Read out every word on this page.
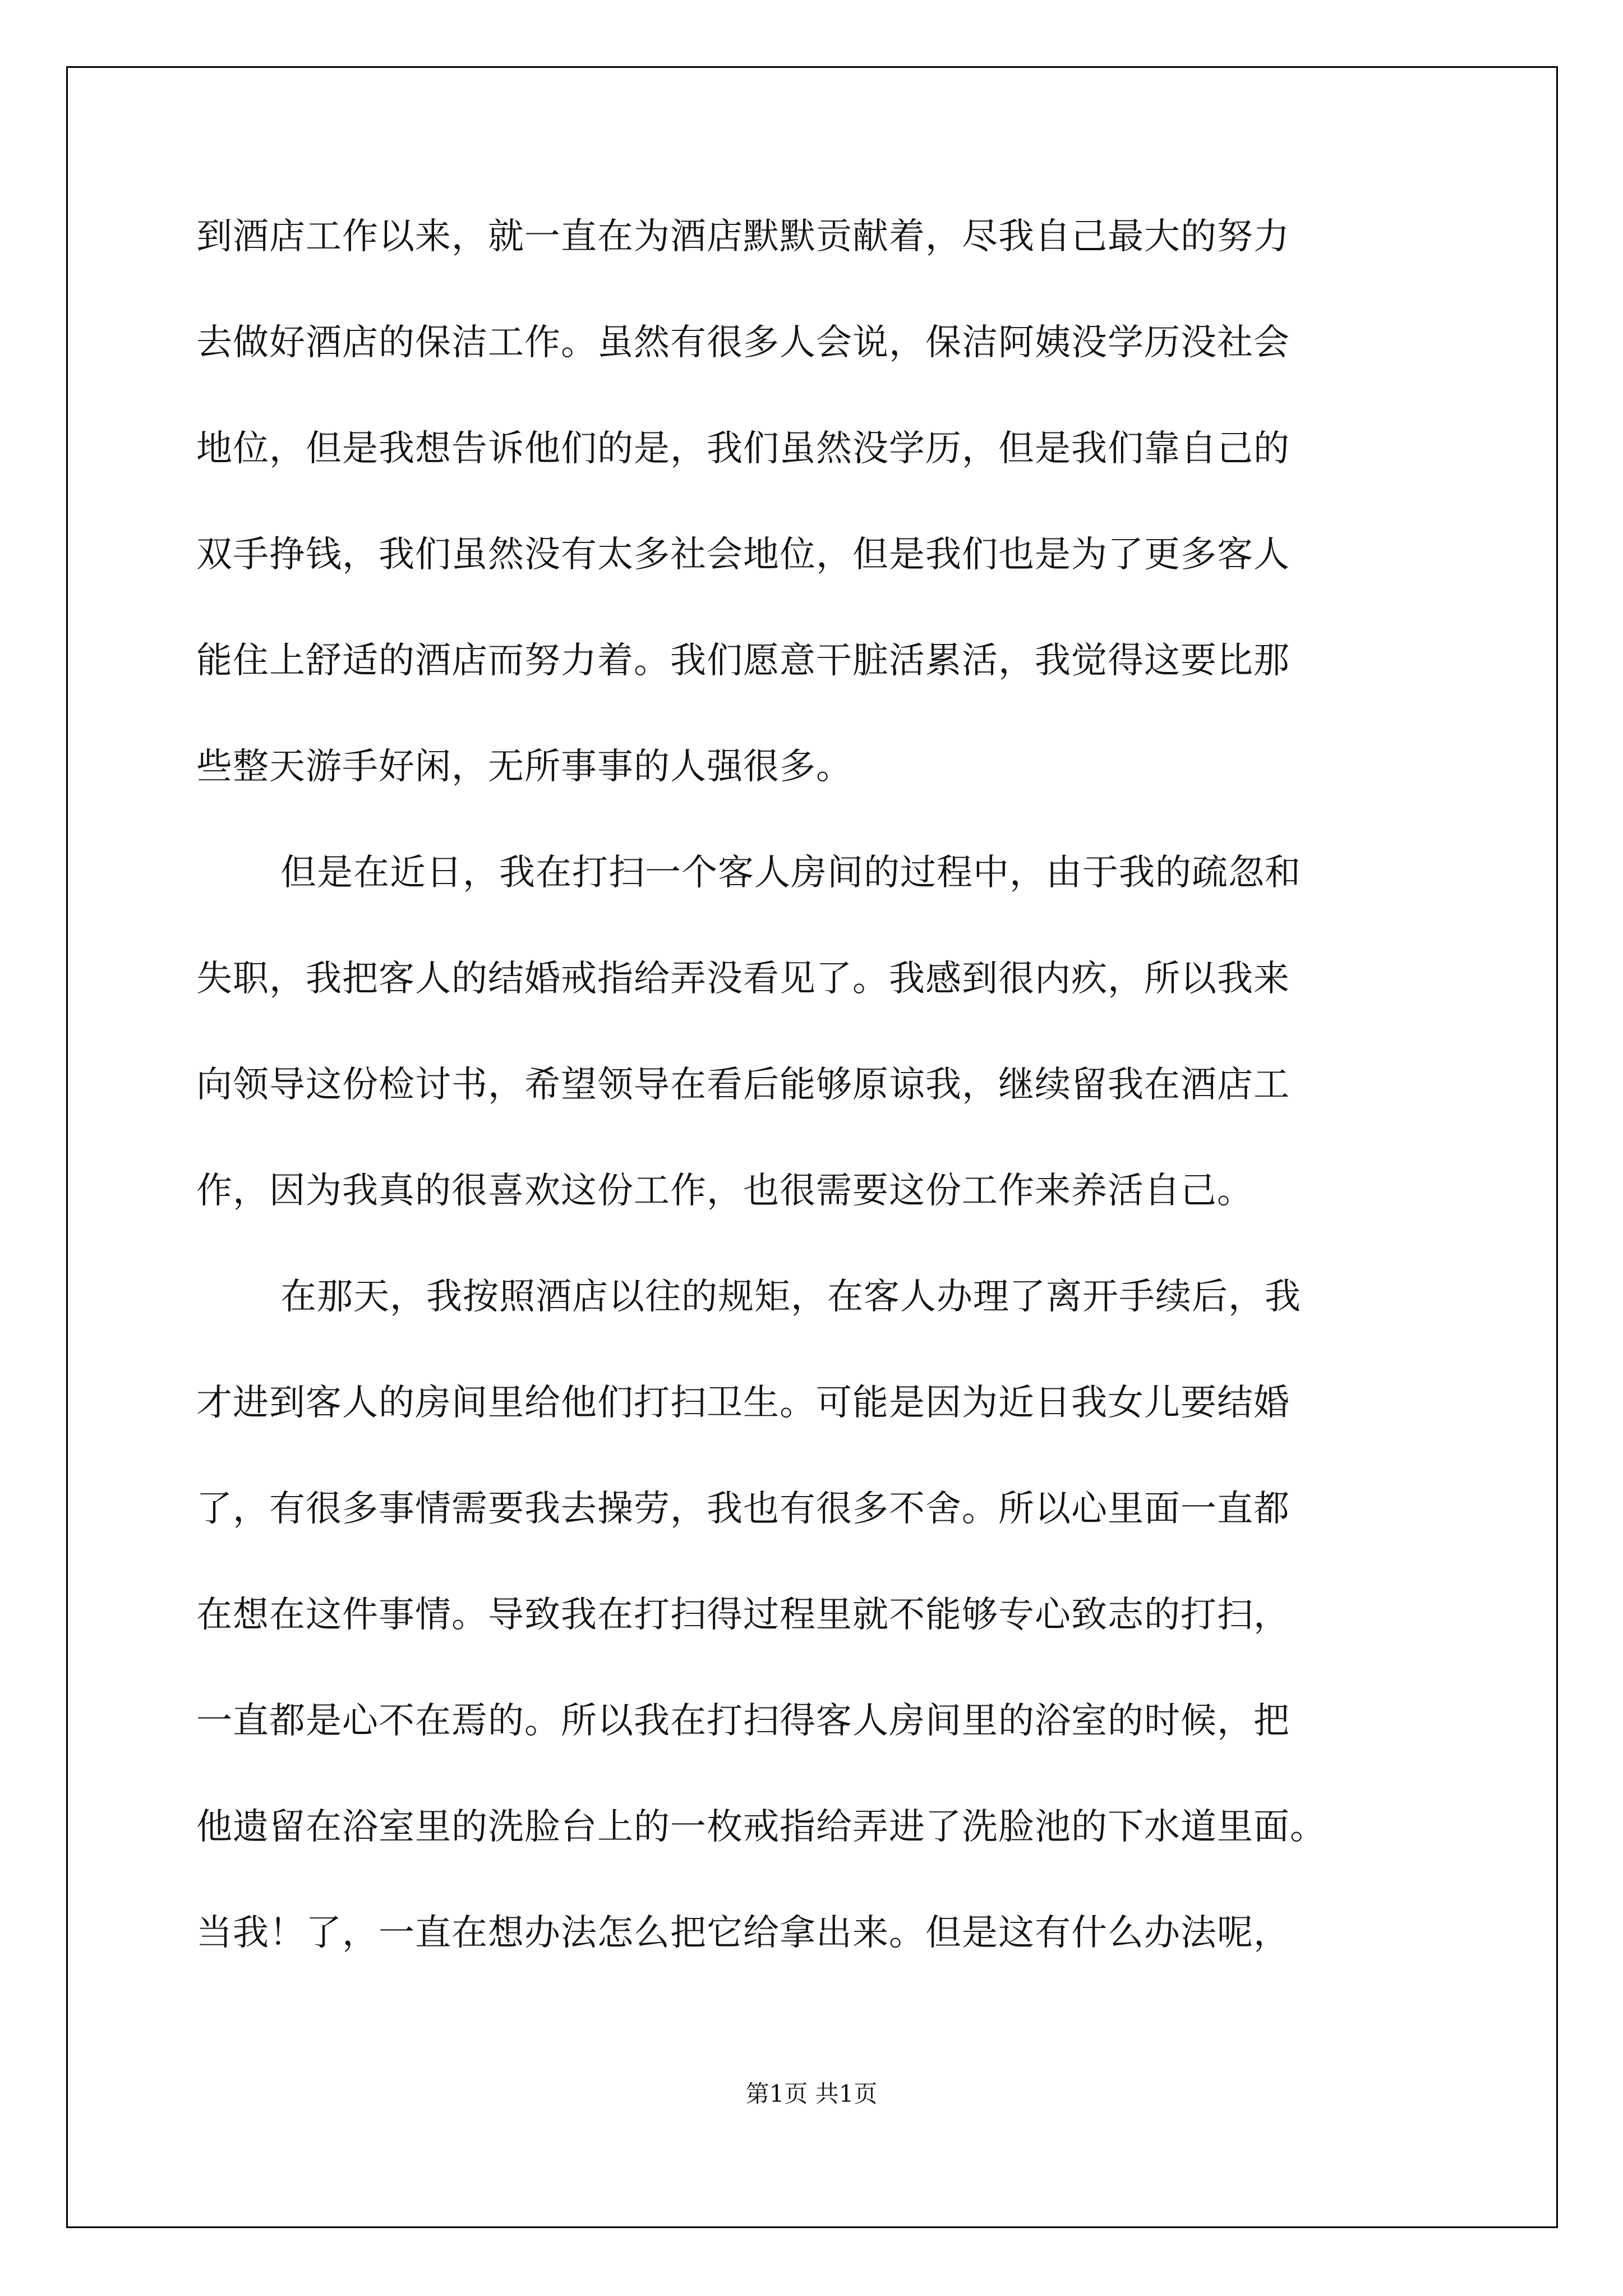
到酒店工作以来，就一直在为酒店默默贡献着，尽我自己最大的努力
去做好酒店的保洁工作。虽然有很多人会说，保洁阿姨没学历没社会
地位，但是我想告诉他们的是，我们虽然没学历，但是我们靠自己的
双手挣钱，我们虽然没有太多社会地位，但是我们也是为了更多客人
能住上舒适的酒店而努力着。我们愿意干脏活累活，我觉得这要比那
些整天游手好闲，无所事事的人强很多。
但是在近日，我在打扫一个客人房间的过程中，由于我的疏忽和
失职，我把客人的结婚戒指给弄没看见了。我感到很内疚，所以我来
向领导这份检讨书，希望领导在看后能够原谅我，继续留我在酒店工
作，因为我真的很喜欢这份工作，也很需要这份工作来养活自己。
在那天，我按照酒店以往的规矩，在客人办理了离开手续后，我
才进到客人的房间里给他们打扫卫生。可能是因为近日我女儿要结婚
了，有很多事情需要我去操劳，我也有很多不舍。所以心里面一直都
在想在这件事情。导致我在打扫得过程里就不能够专心致志的打扫，
一直都是心不在焉的。所以我在打扫得客人房间里的浴室的时候，把
他遗留在浴室里的洗脸台上的一枚戒指给弄进了洗脸池的下水道里面。
当我！了，一直在想办法怎么把它给拿出来。但是这有什么办法呢，
第1页 共1页
